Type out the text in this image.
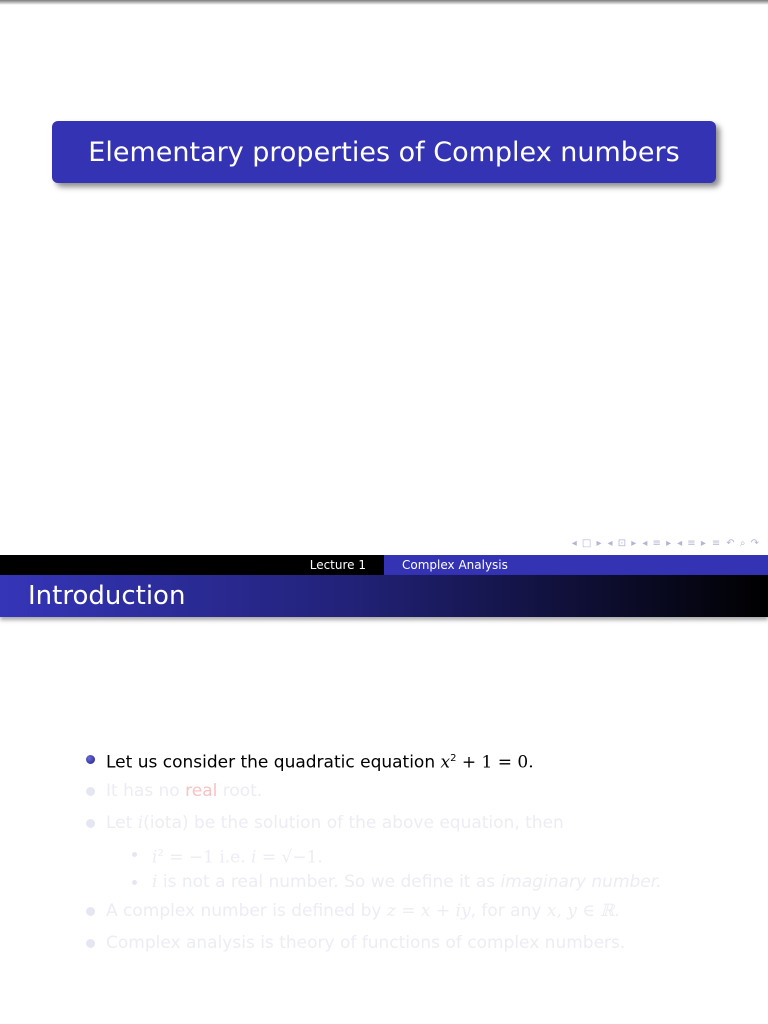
Elementary properties of Complex numbers
◂ □ ▸ ◂ ⊡ ▸ ◂ ≡ ▸ ◂ ≡ ▸ ≡ ↶ ⌕ ↷
Lecture 1	Complex Analysis
Introduction
Let us consider the quadratic equation $x^2 + 1 = 0$.
It has no real root.
Let i(iota) be the solution of the above equation, then
$i^2 = -1$ i.e. i = √−1.
i is not a real number. So we define it as imaginary number.
A complex number is defined by z = x + iy, for any x, y ∈ ℝ.
Complex analysis is theory of functions of complex numbers.
